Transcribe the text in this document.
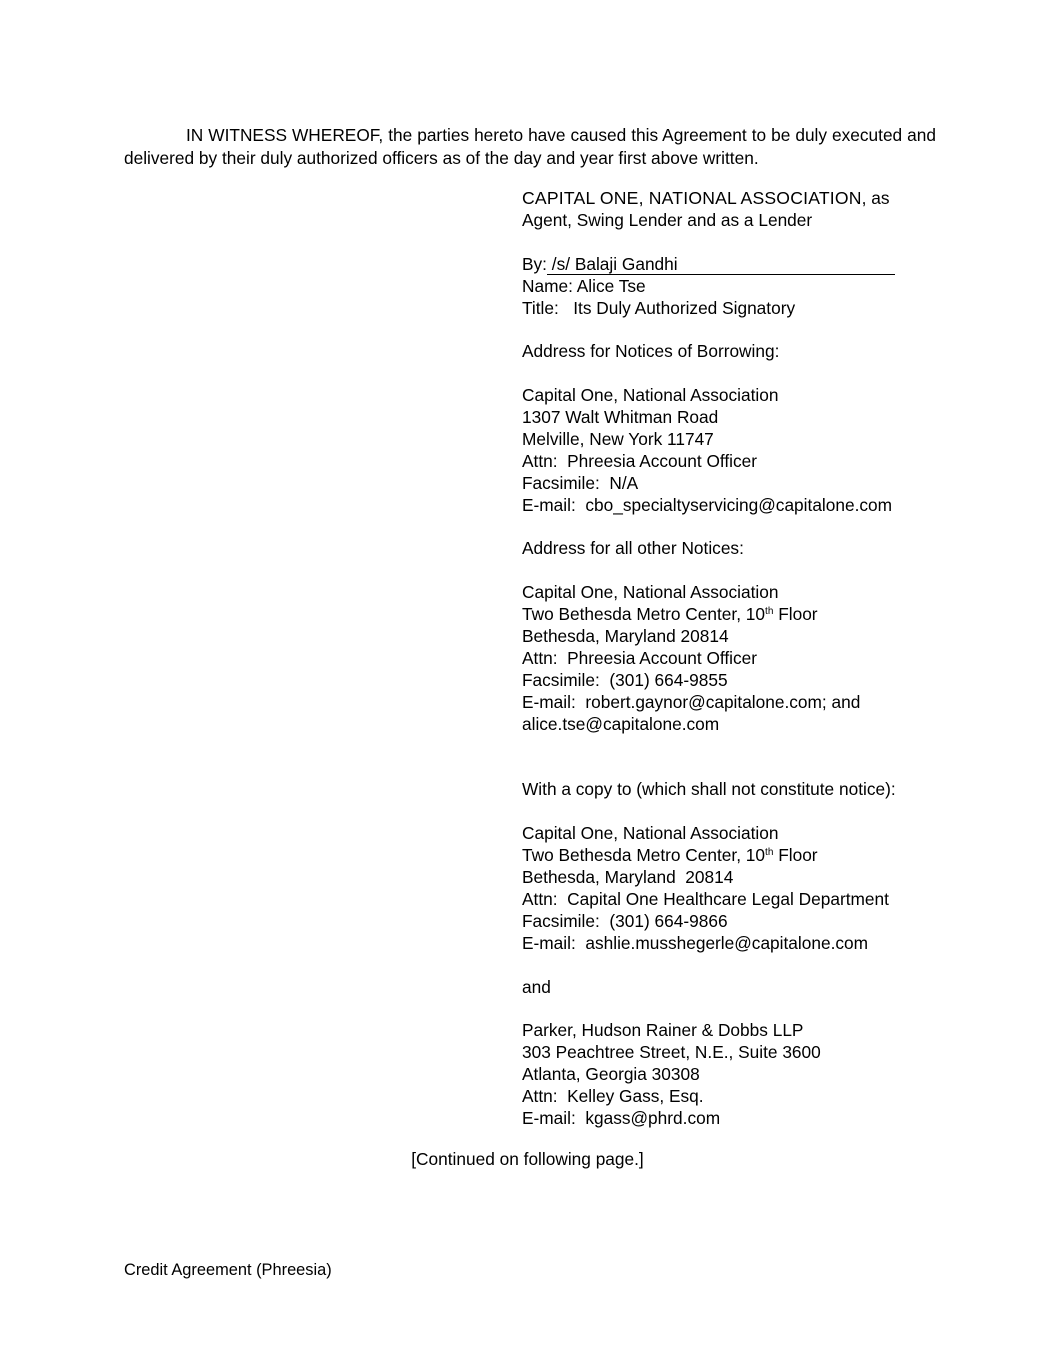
IN WITNESS WHEREOF, the parties hereto have caused this Agreement to be duly executed and delivered by their duly authorized officers as of the day and year first above written.

CAPITAL ONE, NATIONAL ASSOCIATION, as
Agent, Swing Lender and as a Lender
By: /s/ Balaji Gandhi
Name: Alice Tse
Title:   Its Duly Authorized Signatory
Address for Notices of Borrowing:
Capital One, National Association
1307 Walt Whitman Road
Melville, New York 11747
Attn:  Phreesia Account Officer
Facsimile:  N/A
E-mail:  cbo_specialtyservicing@capitalone.com
Address for all other Notices:
Capital One, National Association
Two Bethesda Metro Center, 10th Floor
Bethesda, Maryland 20814
Attn:  Phreesia Account Officer
Facsimile:  (301) 664-9855
E-mail:  robert.gaynor@capitalone.com; and
alice.tse@capitalone.com
With a copy to (which shall not constitute notice):
Capital One, National Association
Two Bethesda Metro Center, 10th Floor
Bethesda, Maryland  20814
Attn:  Capital One Healthcare Legal Department
Facsimile:  (301) 664-9866
E-mail:  ashlie.musshegerle@capitalone.com
and
Parker, Hudson Rainer & Dobbs LLP
303 Peachtree Street, N.E., Suite 3600
Atlanta, Georgia 30308
Attn:  Kelley Gass, Esq.
E-mail:  kgass@phrd.com
[Continued on following page.]
Credit Agreement (Phreesia)
